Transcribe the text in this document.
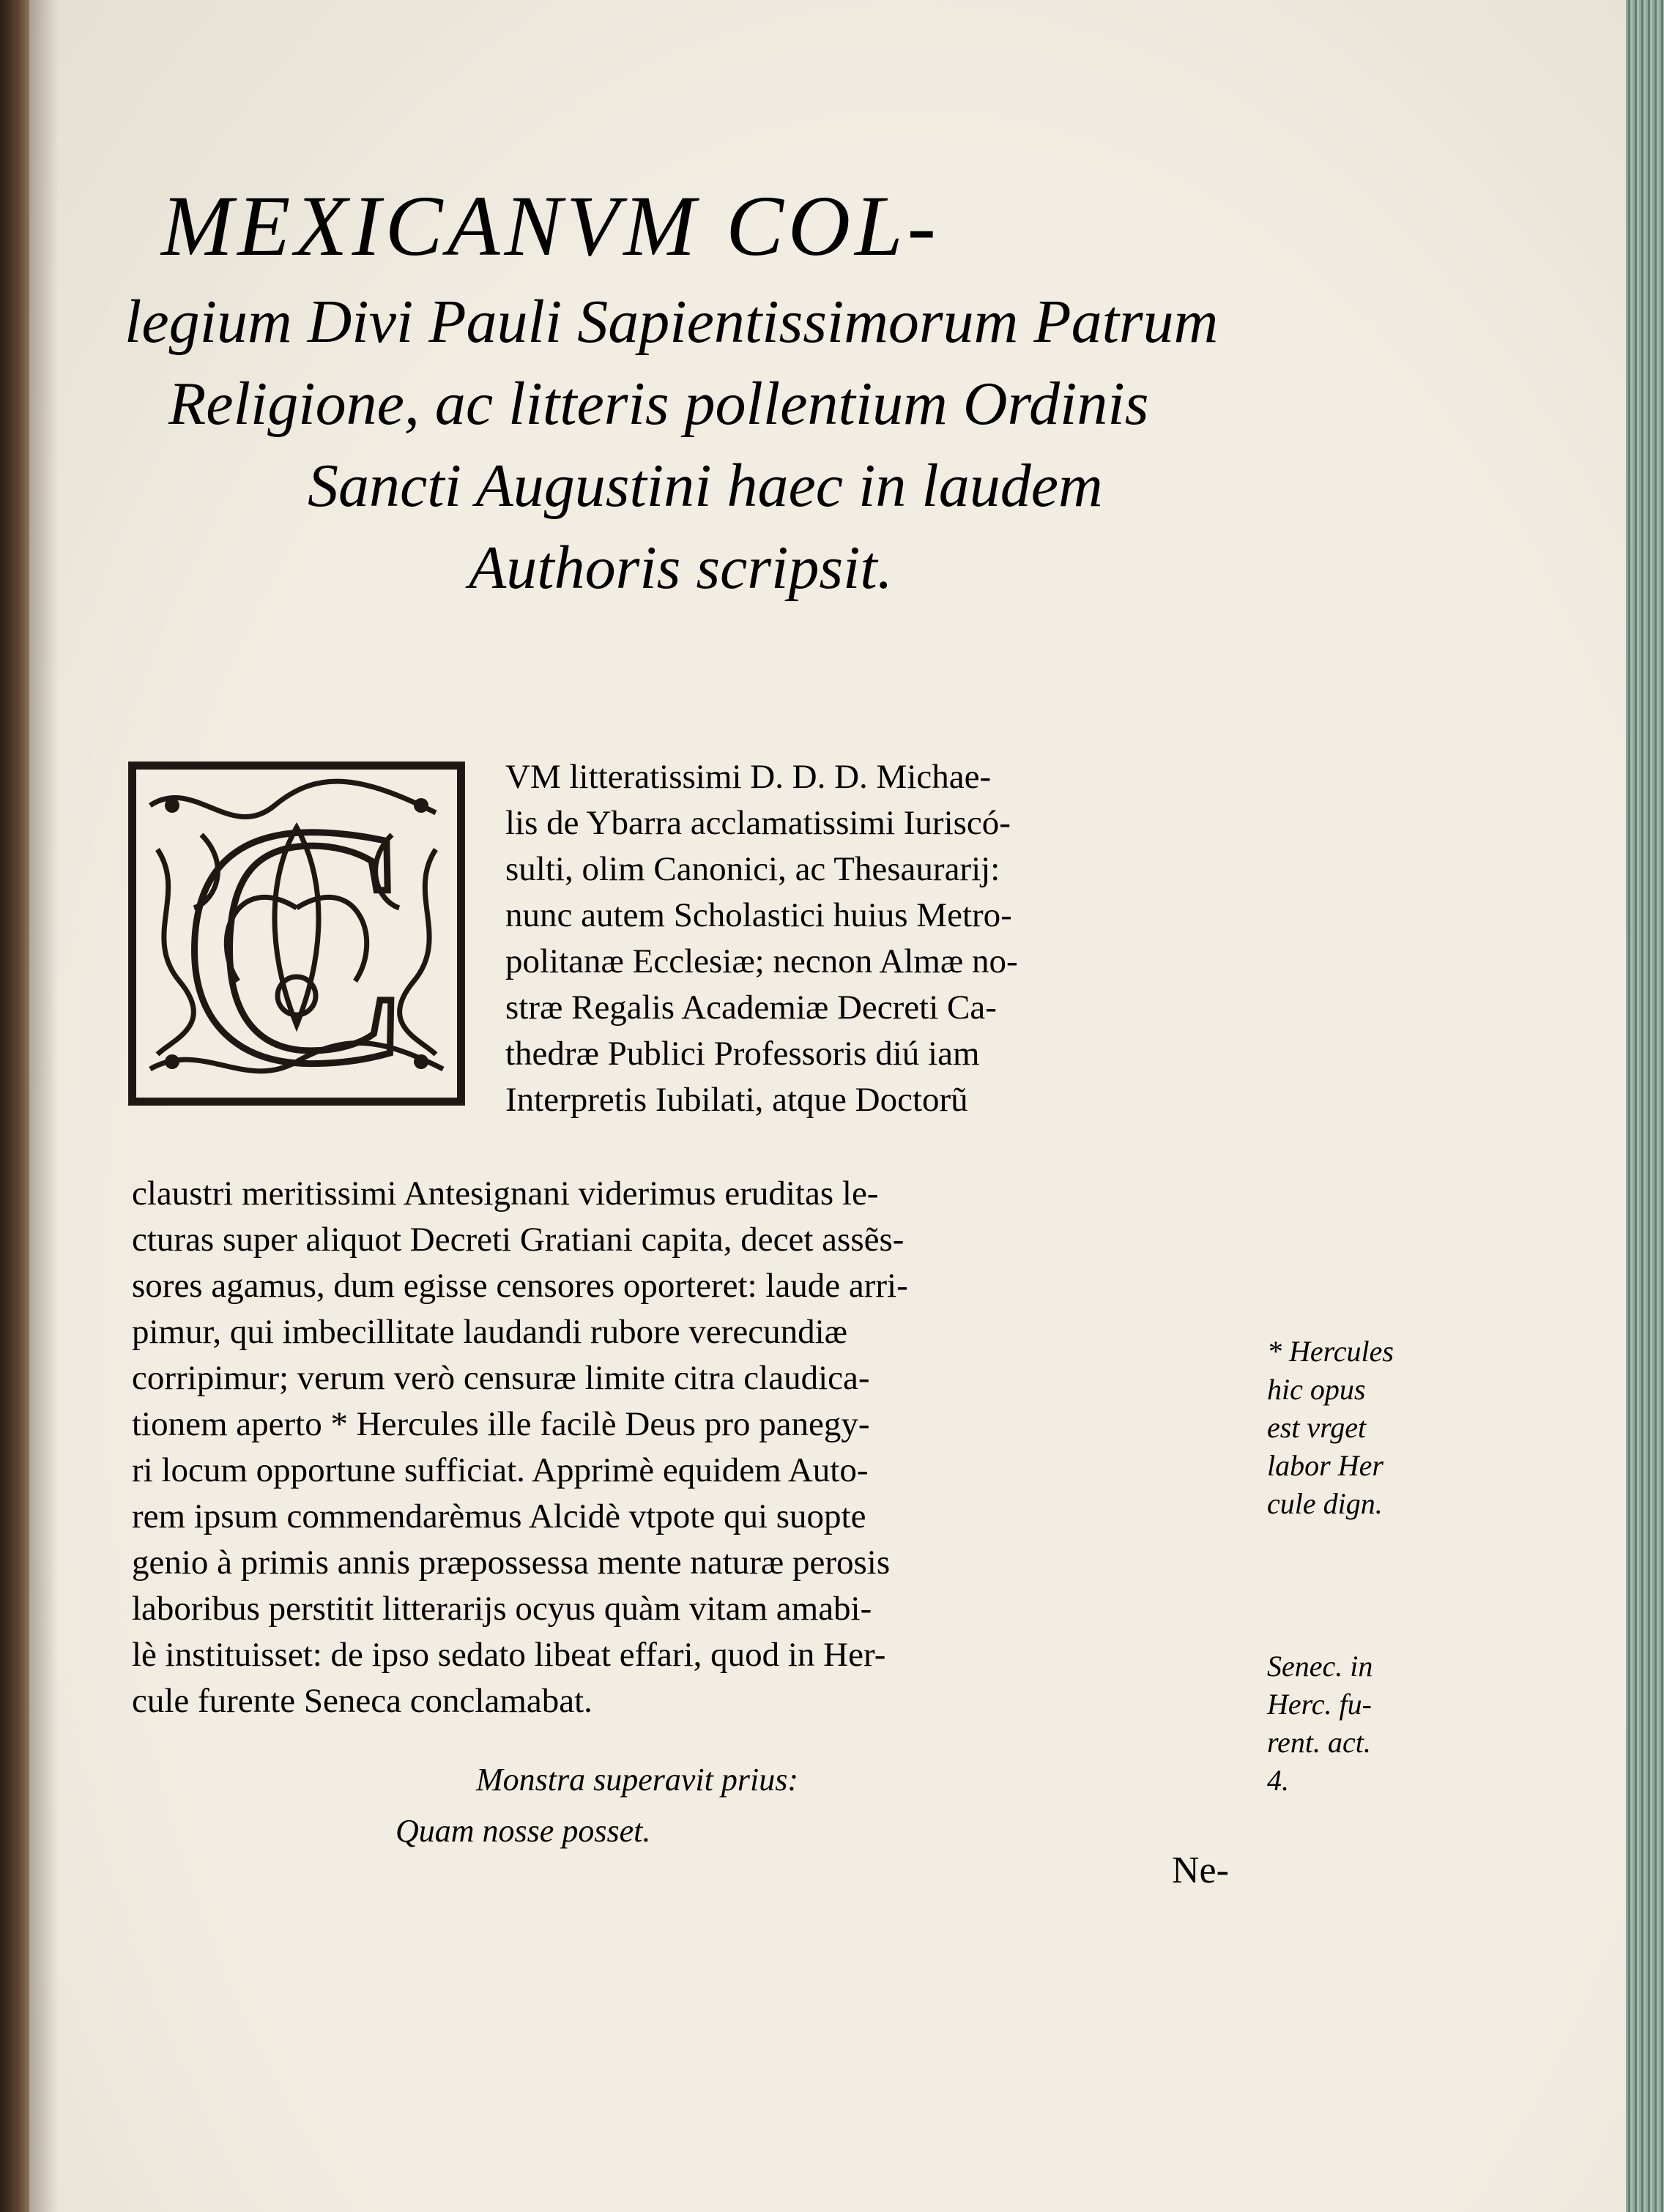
MEXICANVM COL-
legium Divi Pauli Sapientissimorum Patrum
Religione, ac litteris pollentium Ordinis
Sancti Augustini haec in laudem
Authoris scripsit.
C	VM litteratissimi D. D. D. Michae-
lis de Ybarra acclamatissimi Iuriscó-
sulti, olim Canonici, ac Thesaurarij:
nunc autem Scholastici huius Metro-
politanæ Ecclesiæ; necnon Almæ no-
stræ Regalis Academiæ Decreti Ca-
thedræ Publici Professoris diú iam
Interpretis Iubilati, atque Doctorũ
claustri meritissimi Antesignani viderimus eruditas le-
cturas super aliquot Decreti Gratiani capita, decet assẽs-
sores agamus, dum egisse censores oporteret: laude arri-
pimur, qui imbecillitate laudandi rubore verecundiæ
corripimur; verum verò censuræ limite citra claudica-
tionem aperto * Hercules ille facilè Deus pro panegy-
ri locum opportune sufficiat. Apprimè equidem Auto-
rem ipsum commendarèmus Alcidè vtpote qui suopte
genio à primis annis præpossessa mente naturæ perosis
laboribus perstitit litterarijs ocyus quàm vitam amabi-
lè instituisset: de ipso sedato libeat effari, quod in Her-
cule furente Seneca conclamabat.
Monstra superavit prius:
Quam nosse posset.
Ne-
* Hercules
hic opus
est vrget
labor Her
cule dign.
Senec. in
Herc. fu-
rent. act.
4.
